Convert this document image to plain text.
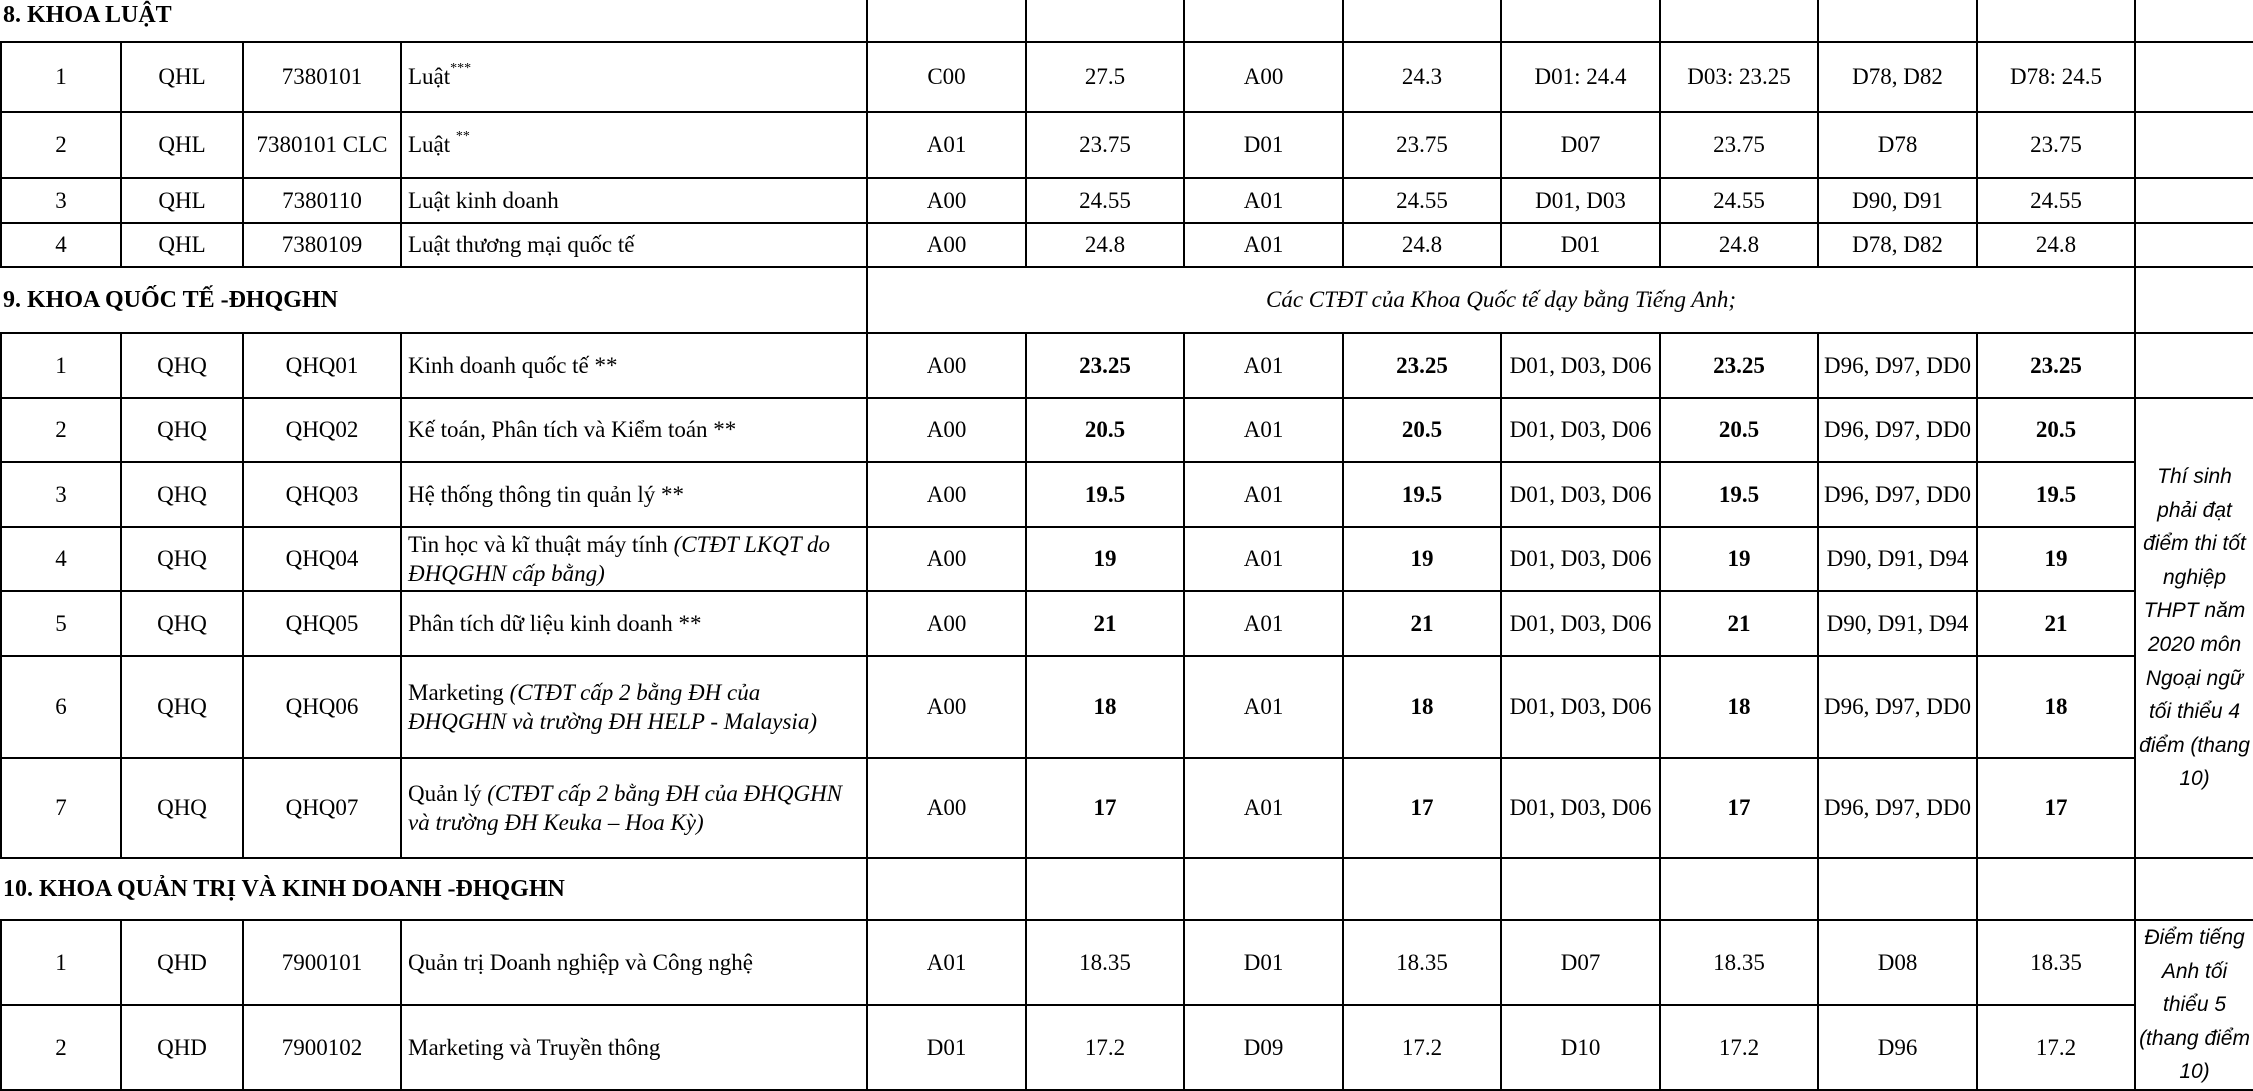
8. KHOA LUẬT												
1	QHL	7380101	Luật***	C00	27.5	A00	24.3	D01: 24.4	D03: 23.25	D78, D82	D78: 24.5	
2	QHL	7380101 CLC	Luật **	A01	23.75	D01	23.75	D07	23.75	D78	23.75	
3	QHL	7380110	Luật kinh doanh	A00	24.55	A01	24.55	D01, D03	24.55	D90, D91	24.55	
4	QHL	7380109	Luật thương mại quốc tế	A00	24.8	A01	24.8	D01	24.8	D78, D82	24.8	
9. KHOA QUỐC TẾ -ĐHQGHN				Các CTĐT của Khoa Quốc tế dạy bằng Tiếng Anh;								
1	QHQ	QHQ01	Kinh doanh quốc tế **	A00	23.25	A01	23.25	D01, D03, D06	23.25	D96, D97, DD0	23.25	
2	QHQ	QHQ02	Kế toán, Phân tích và Kiểm toán **	A00	20.5	A01	20.5	D01, D03, D06	20.5	D96, D97, DD0	20.5	Thí sinh phải đạt điểm thi tốt nghiệp THPT năm 2020 môn Ngoại ngữ tối thiểu 4 điểm (thang 10)
3	QHQ	QHQ03	Hệ thống thông tin quản lý **	A00	19.5	A01	19.5	D01, D03, D06	19.5	D96, D97, DD0	19.5	
4	QHQ	QHQ04	Tin học và kĩ thuật máy tính (CTĐT LKQT do ĐHQGHN cấp bằng)	A00	19	A01	19	D01, D03, D06	19	D90, D91, D94	19	
5	QHQ	QHQ05	Phân tích dữ liệu kinh doanh **	A00	21	A01	21	D01, D03, D06	21	D90, D91, D94	21	
6	QHQ	QHQ06	Marketing (CTĐT cấp 2 bằng ĐH của ĐHQGHN và trường ĐH HELP - Malaysia)	A00	18	A01	18	D01, D03, D06	18	D96, D97, DD0	18	
7	QHQ	QHQ07	Quản lý (CTĐT cấp 2 bằng ĐH của ĐHQGHN và trường ĐH Keuka – Hoa Kỳ)	A00	17	A01	17	D01, D03, D06	17	D96, D97, DD0	17	
10. KHOA QUẢN TRỊ VÀ KINH DOANH -ĐHQGHN												
1	QHD	7900101	Quản trị Doanh nghiệp và Công nghệ	A01	18.35	D01	18.35	D07	18.35	D08	18.35	Điểm tiếng Anh tối thiểu 5 (thang điểm 10)
2	QHD	7900102	Marketing và Truyền thông	D01	17.2	D09	17.2	D10	17.2	D96	17.2	
